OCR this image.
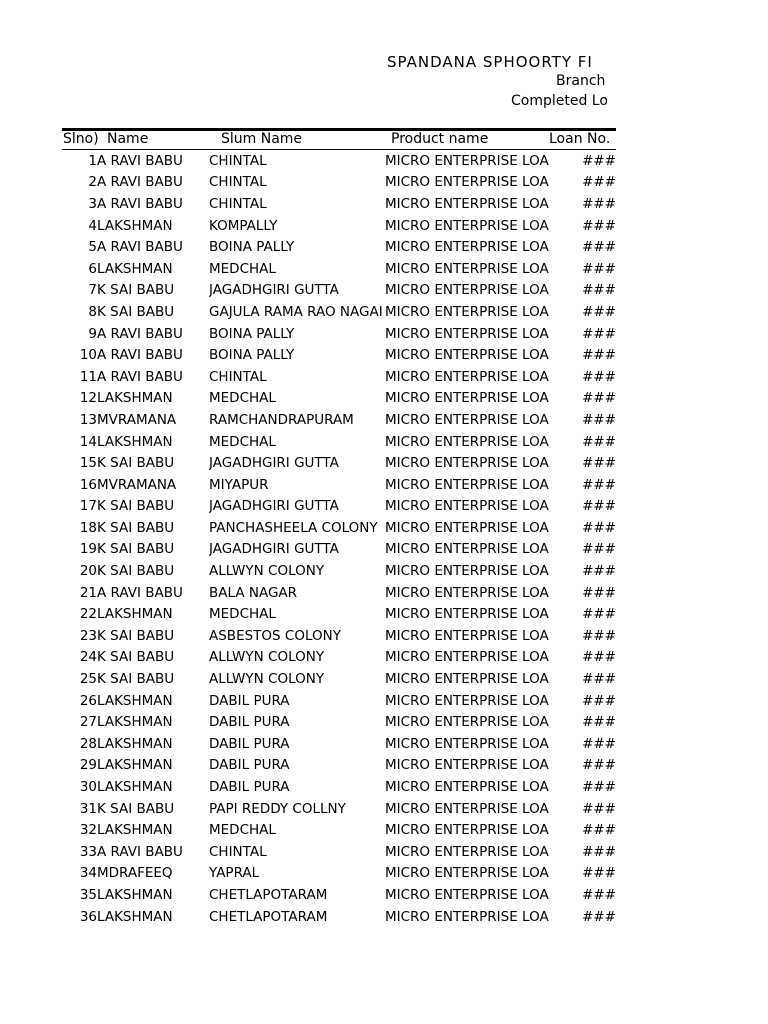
SPANDANA SPHOORTY FI
Branch
Completed Lo
Slno) Name	Slum Name	Product name	Loan No.
1	A RAVI BABU	CHINTAL	MICRO ENTERPRISE LOA	###
2	A RAVI BABU	CHINTAL	MICRO ENTERPRISE LOA	###
3	A RAVI BABU	CHINTAL	MICRO ENTERPRISE LOA	###
4	LAKSHMAN	KOMPALLY	MICRO ENTERPRISE LOA	###
5	A RAVI BABU	BOINA PALLY	MICRO ENTERPRISE LOA	###
6	LAKSHMAN	MEDCHAL	MICRO ENTERPRISE LOA	###
7	K SAI BABU	JAGADHGIRI GUTTA	MICRO ENTERPRISE LOA	###
8	K SAI BABU	GAJULA RAMA RAO NAGAI	MICRO ENTERPRISE LOA	###
9	A RAVI BABU	BOINA PALLY	MICRO ENTERPRISE LOA	###
10	A RAVI BABU	BOINA PALLY	MICRO ENTERPRISE LOA	###
11	A RAVI BABU	CHINTAL	MICRO ENTERPRISE LOA	###
12	LAKSHMAN	MEDCHAL	MICRO ENTERPRISE LOA	###
13	MVRAMANA	RAMCHANDRAPURAM	MICRO ENTERPRISE LOA	###
14	LAKSHMAN	MEDCHAL	MICRO ENTERPRISE LOA	###
15	K SAI BABU	JAGADHGIRI GUTTA	MICRO ENTERPRISE LOA	###
16	MVRAMANA	MIYAPUR	MICRO ENTERPRISE LOA	###
17	K SAI BABU	JAGADHGIRI GUTTA	MICRO ENTERPRISE LOA	###
18	K SAI BABU	PANCHASHEELA COLONY	MICRO ENTERPRISE LOA	###
19	K SAI BABU	JAGADHGIRI GUTTA	MICRO ENTERPRISE LOA	###
20	K SAI BABU	ALLWYN COLONY	MICRO ENTERPRISE LOA	###
21	A RAVI BABU	BALA NAGAR	MICRO ENTERPRISE LOA	###
22	LAKSHMAN	MEDCHAL	MICRO ENTERPRISE LOA	###
23	K SAI BABU	ASBESTOS COLONY	MICRO ENTERPRISE LOA	###
24	K SAI BABU	ALLWYN COLONY	MICRO ENTERPRISE LOA	###
25	K SAI BABU	ALLWYN COLONY	MICRO ENTERPRISE LOA	###
26	LAKSHMAN	DABIL PURA	MICRO ENTERPRISE LOA	###
27	LAKSHMAN	DABIL PURA	MICRO ENTERPRISE LOA	###
28	LAKSHMAN	DABIL PURA	MICRO ENTERPRISE LOA	###
29	LAKSHMAN	DABIL PURA	MICRO ENTERPRISE LOA	###
30	LAKSHMAN	DABIL PURA	MICRO ENTERPRISE LOA	###
31	K SAI BABU	PAPI REDDY COLLNY	MICRO ENTERPRISE LOA	###
32	LAKSHMAN	MEDCHAL	MICRO ENTERPRISE LOA	###
33	A RAVI BABU	CHINTAL	MICRO ENTERPRISE LOA	###
34	MDRAFEEQ	YAPRAL	MICRO ENTERPRISE LOA	###
35	LAKSHMAN	CHETLAPOTARAM	MICRO ENTERPRISE LOA	###
36	LAKSHMAN	CHETLAPOTARAM	MICRO ENTERPRISE LOA	###
